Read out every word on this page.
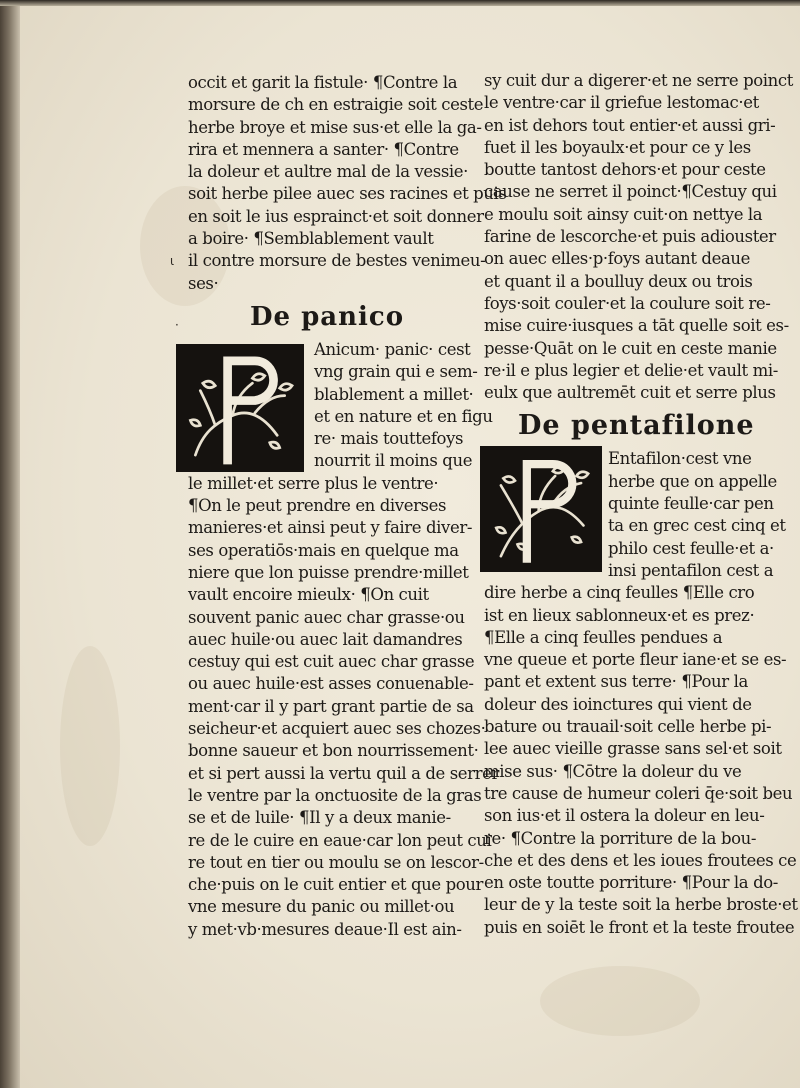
ι
·
occit et garit la fistule· ¶Contre la
morsure de ch en estraigie soit ceste
herbe broye et mise sus·et elle la ga-
rira et mennera a santer· ¶Contre
la doleur et aultre mal de la vessie·
soit herbe pilee auec ses racines et puis
en soit le ius esprainct·et soit donner
a boire· ¶Semblablement vault
il contre morsure de bestes venimeu-
ses·
De panico
Anicum· panic· cest
vng grain qui e sem-
blablement a millet·
et en nature et en figu
re· mais touttefoys
nourrit il moins que
le millet·et serre plus le ventre·
¶On le peut prendre en diverses
manieres·et ainsi peut y faire diver-
ses operatiōs·mais en quelque ma
niere que lon puisse prendre·millet
vault encoire mieulx· ¶On cuit
souvent panic auec char grasse·ou
auec huile·ou auec lait damandres
cestuy qui est cuit auec char grasse
ou auec huile·est asses conuenable-
ment·car il y part grant partie de sa
seicheur·et acquiert auec ses chozes·
bonne saueur et bon nourrissement·
et si pert aussi la vertu quil a de serrer
le ventre par la onctuosite de la gras
se et de luile· ¶Il y a deux manie-
re de le cuire en eaue·car lon peut cui
re tout en tier ou moulu se on lescor-
che·puis on le cuit entier et que pour
vne mesure du panic ou millet·ou
y met·vb·mesures deaue·Il est ain-
sy cuit dur a digerer·et ne serre poinct
le ventre·car il griefue lestomac·et
en ist dehors tout entier·et aussi gri-
fuet il les boyaulx·et pour ce y les
boutte tantost dehors·et pour ceste
cause ne serret il poinct·¶Cestuy qui
e moulu soit ainsy cuit·on nettye la
farine de lescorche·et puis adiouster
on auec elles·p·foys autant deaue
et quant il a boulluy deux ou trois
foys·soit couler·et la coulure soit re-
mise cuire·iusques a tāt quelle soit es-
pesse·Quāt on le cuit en ceste manie
re·il e plus legier et delie·et vault mi-
eulx que aultremēt cuit et serre plus
De pentafilone
Entafilon·cest vne
herbe que on appelle
quinte feulle·car pen
ta en grec cest cinq et
philo cest feulle·et a·
insi pentafilon cest a
dire herbe a cinq feulles ¶Elle cro
ist en lieux sablonneux·et es prez·
¶Elle a cinq feulles pendues a
vne queue et porte fleur iane·et se es-
pant et extent sus terre· ¶Pour la
doleur des ioinctures qui vient de
bature ou trauail·soit celle herbe pi-
lee auec vieille grasse sans sel·et soit
mise sus· ¶Cōtre la doleur du ve
tre cause de humeur coleri q̄e·soit beu
son ius·et il ostera la doleur en leu-
re· ¶Contre la porriture de la bou-
che et des dens et les ioues froutees ce
en oste toutte porriture· ¶Pour la do-
leur de y la teste soit la herbe broste·et
puis en soiēt le front et la teste froutee
